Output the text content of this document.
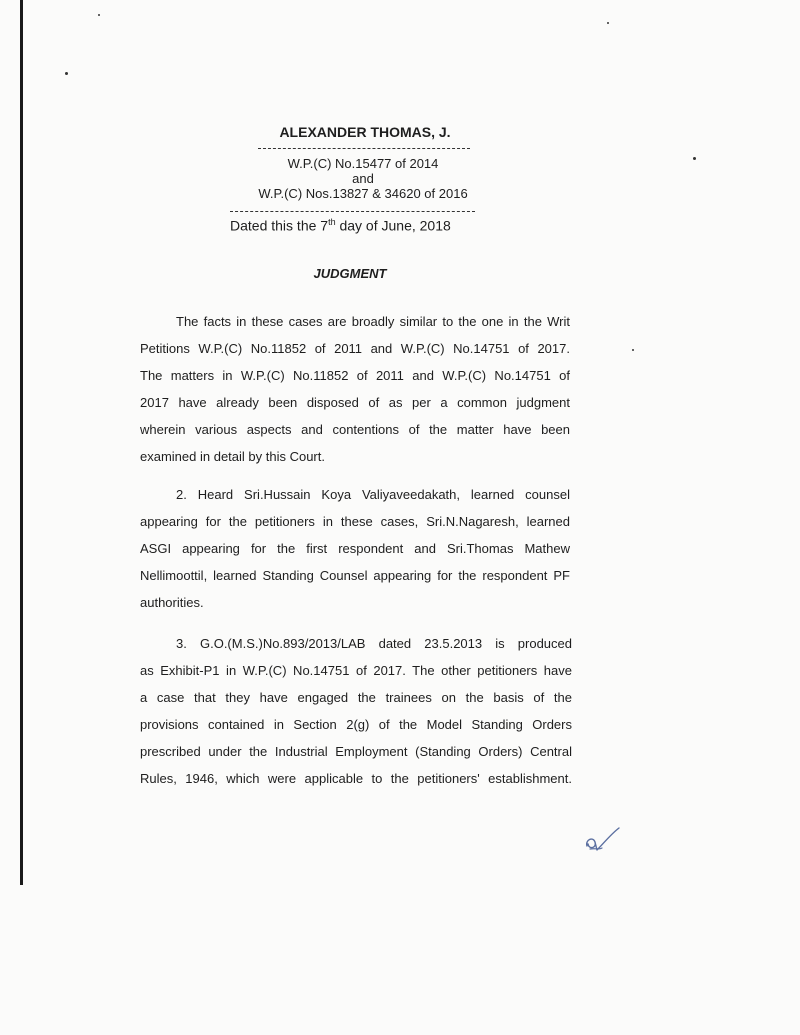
ALEXANDER THOMAS, J.
W.P.(C) No.15477 of 2014
and
W.P.(C) Nos.13827 & 34620 of 2016
Dated this the 7th day of June, 2018
JUDGMENT
The facts in these cases are broadly similar to the one in the Writ
Petitions W.P.(C) No.11852 of 2011 and W.P.(C) No.14751 of 2017.
The matters in W.P.(C) No.11852 of 2011 and W.P.(C) No.14751 of
2017 have already been disposed of as per a common judgment
wherein various aspects and contentions of the matter have been
examined in detail by this Court.
2. Heard Sri.Hussain Koya Valiyaveedakath, learned counsel
appearing for the petitioners in these cases, Sri.N.Nagaresh, learned
ASGI appearing for the first respondent and Sri.Thomas Mathew
Nellimoottil, learned Standing Counsel appearing for the respondent PF
authorities.
3. G.O.(M.S.)No.893/2013/LAB dated 23.5.2013 is produced
as Exhibit-P1 in W.P.(C) No.14751 of 2017. The other petitioners have
a case that they have engaged the trainees on the basis of the
provisions contained in Section 2(g) of the Model Standing Orders
prescribed under the Industrial Employment (Standing Orders) Central
Rules, 1946, which were applicable to the petitioners' establishment.
